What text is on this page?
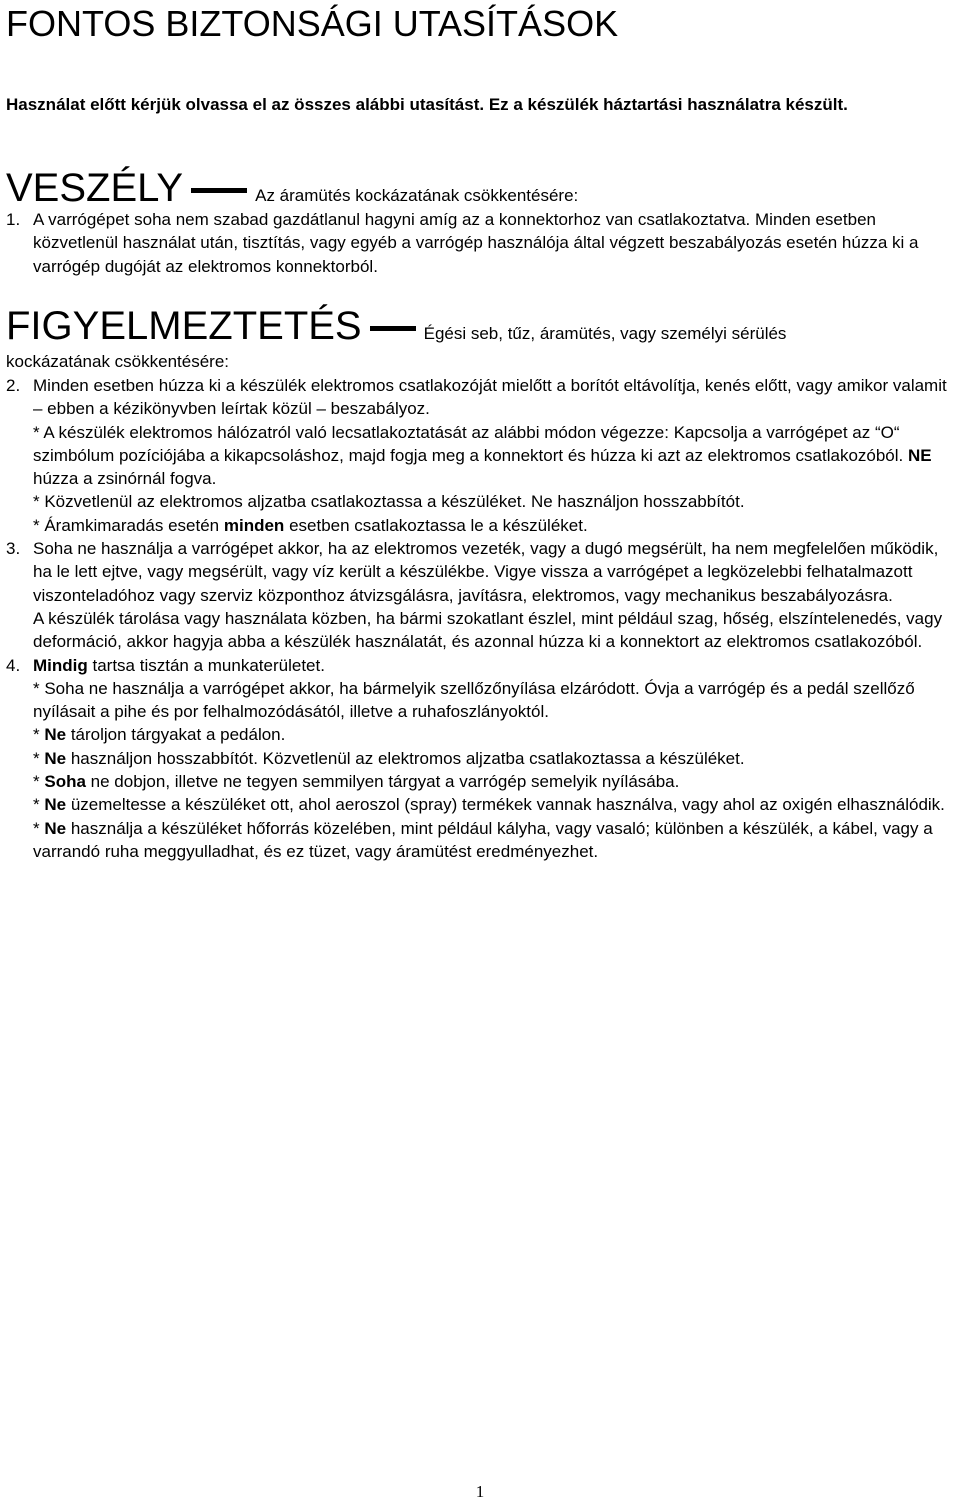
FONTOS BIZTONSÁGI UTASÍTÁSOK

Használat előtt kérjük olvassa el az összes alábbi utasítást. Ez a készülék háztartási használatra készült.

VESZÉLY	Az áramütés kockázatának csökkentésére:
1. A varrógépet soha nem szabad gazdátlanul hagyni amíg az a konnektorhoz van csatlakoztatva. Minden esetben közvetlenül használat után, tisztítás, vagy egyéb a varrógép használója által végzett beszabályozás esetén húzza ki a varrógép dugóját az elektromos konnektorból.
FIGYELMEZTETÉS	Égési seb, tűz, áramütés, vagy személyi sérülés
kockázatának csökkentésére:
2. Minden esetben húzza ki a készülék elektromos csatlakozóját mielőtt a borítót eltávolítja, kenés előtt, vagy amikor valamit – ebben a kézikönyvben leírtak közül – beszabályoz.
* A készülék elektromos hálózatról való lecsatlakoztatását az alábbi módon végezze: Kapcsolja a varrógépet az “O“ szimbólum pozíciójába a kikapcsoláshoz, majd fogja meg a konnektort és húzza ki azt az elektromos csatlakozóból. NE húzza a zsinórnál fogva.
* Közvetlenül az elektromos aljzatba csatlakoztassa a készüléket. Ne használjon hosszabbítót.
* Áramkimaradás esetén minden esetben csatlakoztassa le a készüléket.
3. Soha ne használja a varrógépet akkor, ha az elektromos vezeték, vagy a dugó megsérült, ha nem megfelelően működik, ha le lett ejtve, vagy megsérült, vagy víz került a készülékbe. Vigye vissza a varrógépet a legközelebbi felhatalmazott viszonteladóhoz vagy szerviz központhoz átvizsgálásra, javításra, elektromos, vagy mechanikus beszabályozásra.
A készülék tárolása vagy használata közben, ha bármi szokatlant észlel, mint például szag, hőség, elszíntelenedés, vagy deformáció, akkor hagyja abba a készülék használatát, és azonnal húzza ki a konnektort az elektromos csatlakozóból.
4. Mindig tartsa tisztán a munkaterületet.
* Soha ne használja a varrógépet akkor, ha bármelyik szellőzőnyílása elzáródott. Óvja a varrógép és a pedál szellőző nyílásait a pihe és por felhalmozódásától, illetve a ruhafoszlányoktól.
* Ne tároljon tárgyakat a pedálon.
* Ne használjon hosszabbítót. Közvetlenül az elektromos aljzatba csatlakoztassa a készüléket.
* Soha ne dobjon, illetve ne tegyen semmilyen tárgyat a varrógép semelyik nyílásába.
* Ne üzemeltesse a készüléket ott, ahol aeroszol (spray) termékek vannak használva, vagy ahol az oxigén elhasználódik.
* Ne használja a készüléket hőforrás közelében, mint például kályha, vagy vasaló; különben a készülék, a kábel, vagy a varrandó ruha meggyulladhat, és ez tüzet, vagy áramütést eredményezhet.
1
